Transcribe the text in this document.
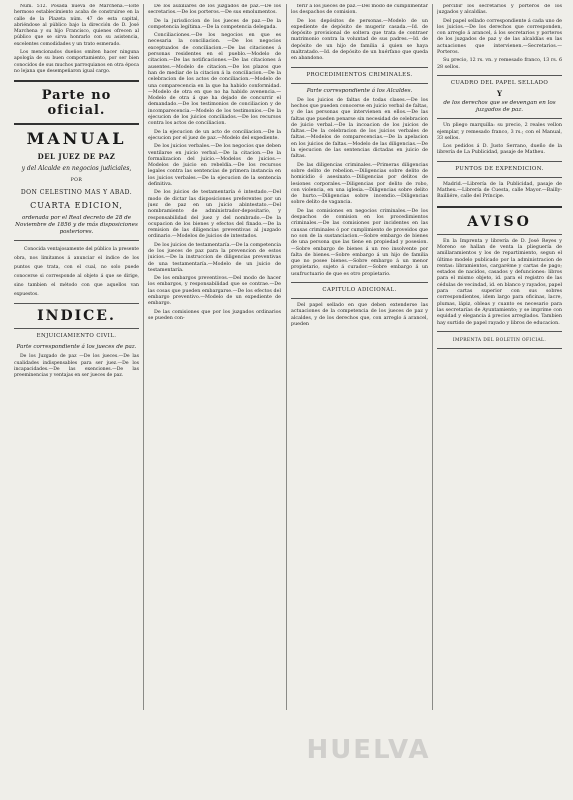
Núm. 512. Posada nueva de Marchena.—Este hermoso establecimiento acaba de construirse en la calle de la Plazeta núm. 47 de esta capital, abriéndose al público bajo la dirección de D. José Marchena y su hijo Francisco, quienes ofrecen al público que se sirva honrarlo con su asistencia, excelentes comodidades y un trato esmerado.

Los mencionados dueños omiten hacer ninguna apología de su buen comportamiento, por ser bien conocidos de sus muchos parroquianos en otra época no lejana que desempeñaron igual cargo.

Parte no oficial.
MANUAL
DEL JUEZ DE PAZ
y del Alcalde en negocios judiciales,
POR
DON CELESTINO MAS Y ABAD.
CUARTA EDICION,
ordenada por el Real decreto de 28 de Noviembre de 1856 y de más disposiciones posteriores.

Conocida ventajosamente del público la presente obra, nos limitamos á anunciar el índice de los puntos que trata, con el cual, no solo puede conocerse si corresponde al objeto á que se dirige, sino tambien el método con que aquellos van expuestos.

INDICE.
ENJUICIAMIENTO CIVIL.
Parte correspondiente á los jueces de paz.

De los Juzgado de paz —De los jueces.—De las cualidades indispensables para ser juez.—De los incapacidades.—De las exenciones.—De las preeminencias y ventajas en ser jueces de paz.

De los auxiliares de los juzgados de paz.—De los secretarios.—De los porteros.—De sus emolumentos.

De la jurisdiccion de los jueces de paz.—De la competencia legítima.—De la competencia delegada.

Conciliaciones.—De los negocios en que es necesaria la conciliacion. —De los negocios exceptuados de conciliacion.—De las citaciones á personas residentes en el pueblo.—Modelo de citacion.—De las notificaciones.—De las citaciones á ausentes.—Modelo de citacion.—De los plazos que han de mediar de la citacion á la conciliacion.—De la celebracion de los actos de conciliacion.—Modelo de una comparecencia en la que ha habido conformidad.—Modelo de otra en que no ha habido avenencia.—Modelo de otra á que ha dejado de concurrir el demandado.—De los testimonios de conciliacion y de incomparecencia.—Modelo de los testimonios.—De la ejecucion de los juicios conciliados.—De los recursos contra los actos de conciliacion.

De la ejecucion de un acto de conciliacion.—De la ejecucion por el juez de paz.—Modelo del expediente.

De los juicios verbales.—De los negocios que deben ventilarse en juicio verbal.—De la citacion.—De la formalizacion del juicio.—Modelos de juicios.—Modelos de juicio en rebeldía.—De los recursos legales contra las sentencias de primera instancia en los juicios verbales.—De la ejecucion de la sentencia definitiva.

De los juicios de testamentaría é intestado.—Del modo de dictar las disposiciones preferentes por un juez de paz en un juicio abintestato.—Del nombramiento de administrador-depositario, y responsabilidad del juez y del nombrado.—De la ocupacion de los bienes y efectos del finado.—De la remision de las diligencias preventivas al juzgado ordinario.—Modelos de juicios de intestados.

De los juicios de testamentaría.—De la competencia de los jueces de paz para la prevencion de estos juicios.—De la instruccion de diligencias preventivas de una testamentaría.—Modelo de un juicio de testamentaría.

De los embargos preventivos.—Del modo de hacer los embargos, y responsabilidad que se contrae.—De las cosas que pueden embargarse.—De los efectos del embargo preventivo.—Modelo de un expediente de embargo.

De las comisiones que por los juzgados ordinarios se pueden con-

ferir á los jueces de paz.—Del modo de cumplimentar los despachos de comision.

De los depósitos de personas.—Modelo de un expediente de depósito de mugerir casada.—Id. de depósito provisional de soltera que trata de contraer matrimonio contra la voluntad de sus padres.—Id. de depósito de un hijo de familia á quien se haya maltratado.—Id. de depósito de un huérfano que queda en abandono.

PROCEDIMIENTOS CRIMINALES.
Parte correspondiente á los Alcaldes.

De los juicios de faltas de todas clases.—De los hechos que pueden conocerse en juicio verbal de faltas, y de las personas que intervienen en ellos.—De las faltas que pueden penarse sin necesidad de celebracion de juicio verbal.—De la incoacion de los juicios de faltas.—De la celebracion de los juicios verbales de faltas.—Modelos de comparecencias.—De la apelacion en los juicios de faltas.—Modelo de las diligencias.—De la ejecucion de las sentencias dictadas en juicio de faltas.

De las diligencias criminales.—Primeras diligencias sobre delito de rebelion.—Diligencias sobre delito de homicidio ó asesinato.—Diligencias por delitos de lesiones corporales.—Diligencias por delito de robo, con violencia, en una iglesia.—Diligencias sobre delito de hurto.—Diligencias sobre incendio.—Diligencias sobre delito de vagancia.

De las comisiones en negocios criminales.—De los despachos de comision en los procedimientos criminales.—De las comisiones por incidentes en las causas criminales ó por cumplimiento de proveidos que no son de la sustanciacion.—Sobre embargo de bienes de una persona que las tiene en propiedad y posesion.—Sobre embargo de bienes á un reo insolvente por falta de bienes.—Sobre embargo á un hijo de familia que no posee bienes.—Sobre embargo á un menor propietario, sujeto á curador.—Sobre embargo á un usufructuario de que es otro propietario.

CAPITULO ADICIONAL.

Del papel sellado en que deben extenderse las actuaciones de la competencia de los jueces de paz y alcaldes, y de los derechos que, con arreglo á arancel, pueden

percibir los secretarios y porteros de los juzgados y alcaldías.

Del papel sellado correspondiente á cada uno de los juicios.—De los derechos que corresponden, con arreglo á arancel, á los secretarios y porteros de los juzgados de paz y de las alcaldías en las actuaciones que intervienen.—Secretarios.—Porteros.

Su precio, 12 rs. vn. y remesado franco, 13 rs. 6 28 sellos.

CUADRO DEL PAPEL SELLADO
Y
de los derechos que se devengan en los juzgados de paz.

Un pliego marquilla: su precio, 2 reales vellon ejemplar, y remesado franco, 3 rs.; con el Manual, 33 sellos.

Los pedidos á D. Justo Serrano, dueño de la librería de La Publicidad, pasaje de Matheu.

PUNTOS DE EXPENDICION.

Madrid.—Librería de la Publicidad, pasaje de Matheu.—Librería de Cuesta, calle Mayor.—Bailly-Bailliére, calle del Príncipe.

AVISO

En la Imprenta y librería de D. José Reyes y Moreno se hallan de venta la plieguería de amillaramientos y los de repartimiento, segun el último modelo publicado por la administracion de rentas: libramientos, cargaréme y cartas de pago; estados de nacidos, casados y defunciones: libros para el mismo objeto, id. para el registro de las cédulas de vecindad, id. en blanco y rayados, papel para cartas superior con sus sobres correspondientes, idem largo para oficinas, lacre, plumas, lápiz, obleas y cuanto es necesario para las secretarías de Ayuntamiento; y se imprime con equidad y elegancia á precios arreglados. Tambien hay surtido de papel rayado y libros de educacion.

IMPRENTA DEL BOLETIN OFICIAL.
HUELVA
